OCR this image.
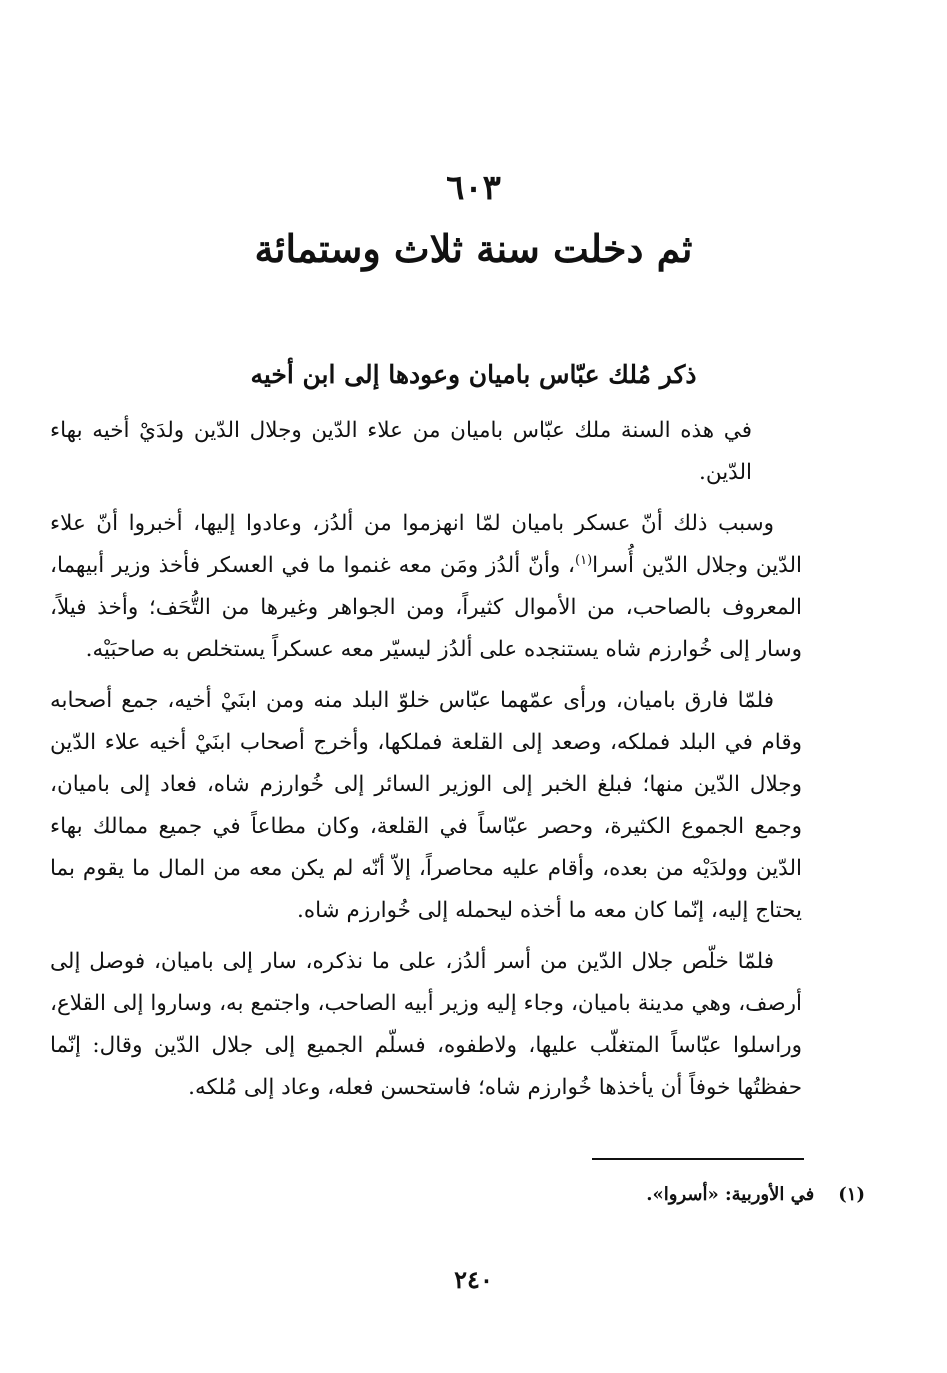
٦٠٣
ثم دخلت سنة ثلاث وستمائة
ذكر مُلك عبّاس باميان وعودها إلى ابن أخيه

في هذه السنة ملك عبّاس باميان من علاء الدّين وجلال الدّين ولدَيْ أخيه بهاء الدّين.

وسبب ذلك أنّ عسكر باميان لمّا انهزموا من ألدُز، وعادوا إليها، أخبروا أنّ علاء الدّين وجلال الدّين أُسرا$^{(١)}$، وأنّ ألدُز ومَن معه غنموا ما في العسكر فأخذ وزير أبيهما، المعروف بالصاحب، من الأموال كثيراً، ومن الجواهر وغيرها من التُّحَف؛ وأخذ فيلاً، وسار إلى خُوارزم شاه يستنجده على ألدُز ليسيّر معه عسكراً يستخلص به صاحبَيْه.

فلمّا فارق باميان، ورأى عمّهما عبّاس خلوّ البلد منه ومن ابنَيْ أخيه، جمع أصحابه وقام في البلد فملكه، وصعد إلى القلعة فملكها، وأخرج أصحاب ابنَيْ أخيه علاء الدّين وجلال الدّين منها؛ فبلغ الخبر إلى الوزير السائر إلى خُوارزم شاه، فعاد إلى باميان، وجمع الجموع الكثيرة، وحصر عبّاساً في القلعة، وكان مطاعاً في جميع ممالك بهاء الدّين وولدَيْه من بعده، وأقام عليه محاصراً، إلاّ أنّه لم يكن معه من المال ما يقوم بما يحتاج إليه، إنّما كان معه ما أخذه ليحمله إلى خُوارزم شاه.

فلمّا خلّص جلال الدّين من أسر ألدُز، على ما نذكره، سار إلى باميان، فوصل إلى أرصف، وهي مدينة باميان، وجاء إليه وزير أبيه الصاحب، واجتمع به، وساروا إلى القلاع، وراسلوا عبّاساً المتغلّب عليها، ولاطفوه، فسلّم الجميع إلى جلال الدّين وقال: إنّما حفظتُها خوفاً أن يأخذها خُوارزم شاه؛ فاستحسن فعله، وعاد إلى مُلكه.

(١)في الأوربية: «أسروا».
٢٤٠
